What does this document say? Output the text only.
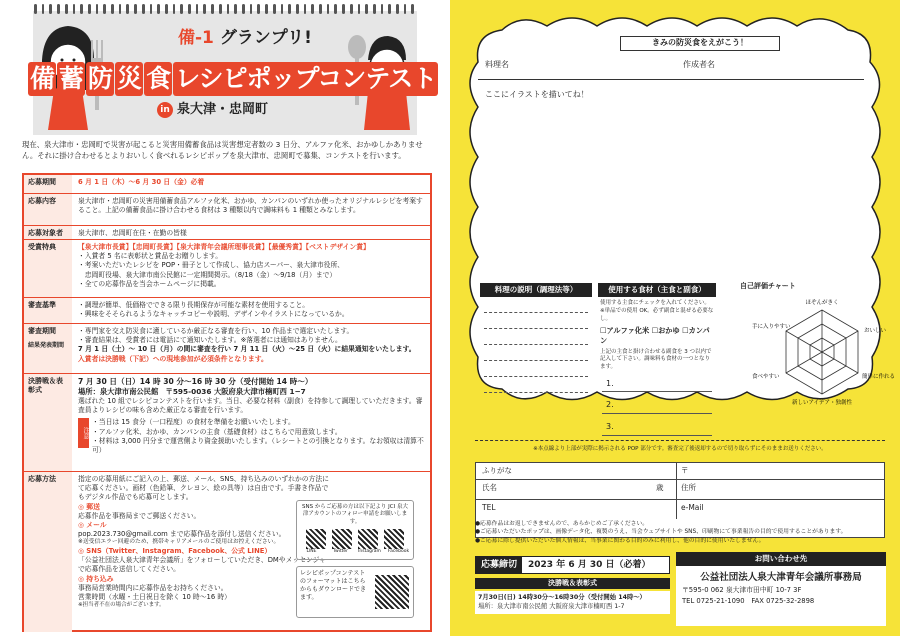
備-1 グランプリ!
備 蓄 防 災 食 レシピポップコンテスト
in 泉大津・忠岡町
現在、泉大津市・忠岡町で災害が起こると災害用備蓄食品は災害想定者数の 3 日分、アルファ化米、おかゆしかありません。それに掛け合わせるとよりおいしく食べれるレシピポップを泉大津市、忠岡町で募集、コンテストを行います。
応募期間	6 月 1 日（木）〜6 月 30 日（金）必着
応募内容	泉大津市・忠岡町の災害用備蓄食品アルファ化米、おかゆ、カンパンのいずれか使ったオリジナルレシピを考案すること。上記の備蓄食品に掛け合わせる食材は 3 種類以内で調味料も 1 種類とみなします。
応募対象者	泉大津市、忠岡町在住・在勤の皆様
受賞特典	【泉大津市長賞】【忠岡町長賞】【泉大津青年会議所理事長賞】【最優秀賞】【ベストデザイン賞】
・入賞者 5 名に表彰状と賞品をお贈りします。
・考案いただいたレシピを POP・冊子として作成し、協力店スーパー、泉大津市役所、
　忠岡町役場、泉大津市南公民館に一定期間掲示。（8/18（金）〜9/18（月）まで）
・全ての応募作品を当会ホームページに掲載。
審査基準	・調理が簡単、低価格でできる限り長期保存が可能な素材を使用すること。
・興味をそそられるようなキャッチコピーや説明、デザインやイラストになっているか。
審査期間
結果発表期間
・専門家を交え防災食に適しているか厳正なる審査を行い、10 作品まで選定いたします。
・審査結果は、受賞者には電話にて通知いたします。※落選者には通知はありません。
7 月 1 日（土）〜 10 日（月）の間に審査を行い 7 月 11 日（火）〜25 日（火）に結果通知をいたします。
入賞者は決勝戦（下記）への現地参加が必須条件となります。
決勝戦＆表彰式
7 月 30 日（日）14 時 30 分〜16 時 30 分（受付開始 14 時〜）
場所：泉大津市南公民館　〒595-0036 大阪府泉大津市楠町西 1−7
選ばれた 10 組でレシピコンテストを行います。当日、必要な材料（副食）を持参して調理していただきます。審査員よりレシピの味も含めた厳正なる審査を行います。
注意
・当日は 15 食分（一口程度）の食材を準備をお願いいたします。
・アルファ化米、おかゆ、カンパンの主食（基礎食材）はこちらで用意致します。
・材料は 3,000 円分まで運営側より資金援助いたします。（レシートとの引換となります。なお領収は清算不可）
応募方法	指定の応募用紙にご記入の上、郵送、メール、SNS、持ち込みのいずれかの方法にて応募ください。画材（色鉛筆、クレヨン、絵の具等）は自由です。手書き作品でもデジタル作品でも応募可とします。
◎ 郵送
応募作品を事務局までご郵送ください。
◎ メール
pop.2023.730@gmail.com まで応募作品を添付し送信ください。
※送受信エラー回避のため、携帯キャリアメールのご使用はお控えください。
◎ SNS（Twitter、Instagram、Facebook、公式 LINE）
「公益社団法人泉大津青年会議所」をフォローしていただき、DMやメッセンジャーで応募作品を送信してください。
◎ 持ち込み
事務局営業時間内に応募作品をお持ちください。
営業時間（水曜・土日祝日を除く 10 時〜16 時）
※担当者不在の場合がございます。
SNS からご応募の方は以下記より JCI 泉大津アカウントのフォロー申請をお願いします。
LINE	Twitter	Instagram Facebook
レシピポップコンテストのフォーマットはこちらからもダウンロードできます。
きみの防災食をえがこう！
料理名	作成者名
ここにイラストを描いてね！
料理の説明（調理法等）	使用する食材（主食と副食）
使用する主食にチェックを入れてください。※単品での使用 OK。必ず副食と混ぜる必要なし。
☐アルファ化米 ☐おかゆ ☐カンパン
上記の主食と掛け合わせる副食を 3 つ以内で記入して下さい。調味料も食材の一つとなります。
1.
2.
3.
自己評価チャート
ほぞんがきく
おいしい
簡単に作れる
新しいアイデア・独創性
食べやすい
手に入りやすい
※本点線より上部が実際に掲示される POP 部分です。審査完了後返却するので切り取らずにそのままお送りください。
ふりがな	〒
氏名	歳 住所
TEL	e-Mail
●応募作品はお返しできませんので、あらかじめご了承ください。
●ご応募いただいたポップは、画像データ化、複製のうえ、当会ウェブサイトや SNS、印刷物にて事業報告の目的で使用することがあります。
●ご応募に際し提供いただいた個人情報は、当事業に関わる目的のみに利用し、他の目的に使用いたしません。
応募締切	2023 年 6 月 30 日（必着）
決勝戦＆表彰式
7月30日(日) 14時30分〜16時30分（受付開始 14時〜）
場所：泉大津市南公民館 大阪府泉大津市楠町西 1-7
お問い合わせ先
公益社団法人泉大津青年会議所事務局
〒595-0 062 泉大津市田中町 10-7 3F
TEL 0725-21-1090　FAX 0725-32-2898
